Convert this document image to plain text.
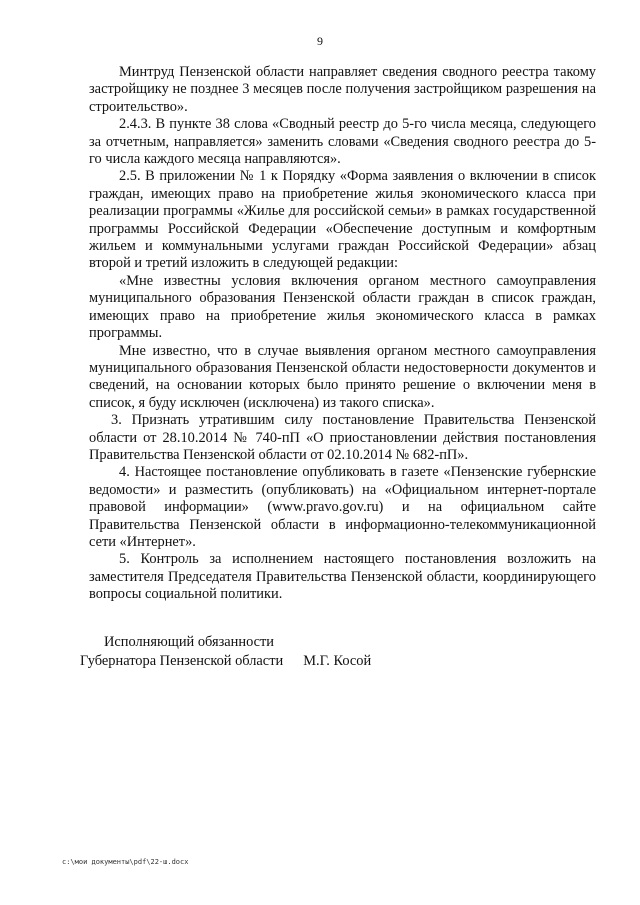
9

Минтруд Пензенской области направляет сведения сводного реестра такому застройщику не позднее 3 месяцев после получения застройщиком разрешения на строительство».

2.4.3. В пункте 38 слова «Сводный реестр до 5-го числа месяца, следующего за отчетным, направляется» заменить словами «Сведения сводного реестра до 5-го числа каждого месяца направляются».

2.5. В приложении № 1 к Порядку «Форма заявления о включении в список граждан, имеющих право на приобретение жилья экономического класса при реализации программы «Жилье для российской семьи» в рамках государственной программы Российской Федерации «Обеспечение доступным и комфортным жильем и коммунальными услугами граждан Российской Федерации» абзац второй и третий изложить в следующей редакции:

«Мне известны условия включения органом местного самоуправления муниципального образования Пензенской области граждан в список граждан, имеющих право на приобретение жилья экономического класса в рамках программы.

Мне известно, что в случае выявления органом местного самоуправления муниципального образования Пензенской области недостоверности документов и сведений, на основании которых было принято решение о включении меня в список, я буду исключен (исключена) из такого списка».

3. Признать утратившим силу постановление Правительства Пензенской области от 28.10.2014 № 740-пП «О приостановлении действия постановления Правительства Пензенской области от 02.10.2014 № 682-пП».

4. Настоящее постановление опубликовать в газете «Пензенские губернские ведомости» и разместить (опубликовать) на «Официальном интернет-портале правовой информации» (www.pravo.gov.ru) и на официальном сайте Правительства Пензенской области в информационно-телекоммуникационной сети «Интернет».

5. Контроль за исполнением настоящего постановления возложить на заместителя Председателя Правительства Пензенской области, координирующего вопросы социальной политики.

Исполняющий обязанности
Губернатора Пензенской области М.Г. Косой
c:\мои документы\pdf\22-ш.docx
